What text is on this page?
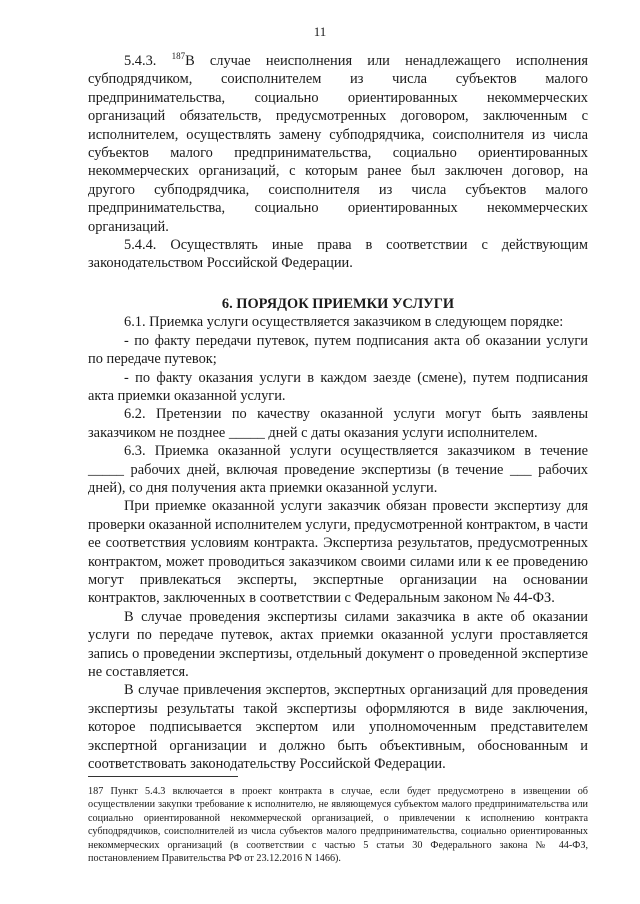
11

5.4.3. $^{187}$В случае неисполнения или ненадлежащего исполнения субподрядчиком, соисполнителем из числа субъектов малого предпринимательства, социально ориентированных некоммерческих организаций обязательств, предусмотренных договором, заключенным с исполнителем, осуществлять замену субподрядчика, соисполнителя из числа субъектов малого предпринимательства, социально ориентированных некоммерческих организаций, с которым ранее был заключен договор, на другого субподрядчика, соисполнителя из числа субъектов малого предпринимательства, социально ориентированных некоммерческих организаций.

5.4.4. Осуществлять иные права в соответствии с действующим законодательством Российской Федерации.

6. ПОРЯДОК ПРИЕМКИ УСЛУГИ

6.1. Приемка услуги осуществляется заказчиком в следующем порядке:

- по факту передачи путевок, путем подписания акта об оказании услуги по передаче путевок;

- по факту оказания услуги в каждом заезде (смене), путем подписания акта приемки оказанной услуги.

6.2. Претензии по качеству оказанной услуги могут быть заявлены заказчиком не позднее _____ дней с даты оказания услуги исполнителем.

6.3. Приемка оказанной услуги осуществляется заказчиком в течение _____ рабочих дней, включая проведение экспертизы (в течение ___ рабочих дней), со дня получения акта приемки оказанной услуги.

При приемке оказанной услуги заказчик обязан провести экспертизу для проверки оказанной исполнителем услуги, предусмотренной контрактом, в части ее соответствия условиям контракта. Экспертиза результатов, предусмотренных контрактом, может проводиться заказчиком своими силами или к ее проведению могут привлекаться эксперты, экспертные организации на основании контрактов, заключенных в соответствии с Федеральным законом № 44-ФЗ.

В случае проведения экспертизы силами заказчика в акте об оказании услуги по передаче путевок, актах приемки оказанной услуги проставляется запись о проведении экспертизы, отдельный документ о проведенной экспертизе не составляется.

В случае привлечения экспертов, экспертных организаций для проведения экспертизы результаты такой экспертизы оформляются в виде заключения, которое подписывается экспертом или уполномоченным представителем экспертной организации и должно быть объективным, обоснованным и соответствовать законодательству Российской Федерации.

187 Пункт 5.4.3 включается в проект контракта в случае, если будет предусмотрено в извещении об осуществлении закупки требование к исполнителю, не являющемуся субъектом малого предпринимательства или социально ориентированной некоммерческой организацией, о привлечении к исполнению контракта субподрядчиков, соисполнителей из числа субъектов малого предпринимательства, социально ориентированных некоммерческих организаций (в соответствии с частью 5 статьи 30 Федерального закона № 44-ФЗ, постановлением Правительства РФ от 23.12.2016 N 1466).
